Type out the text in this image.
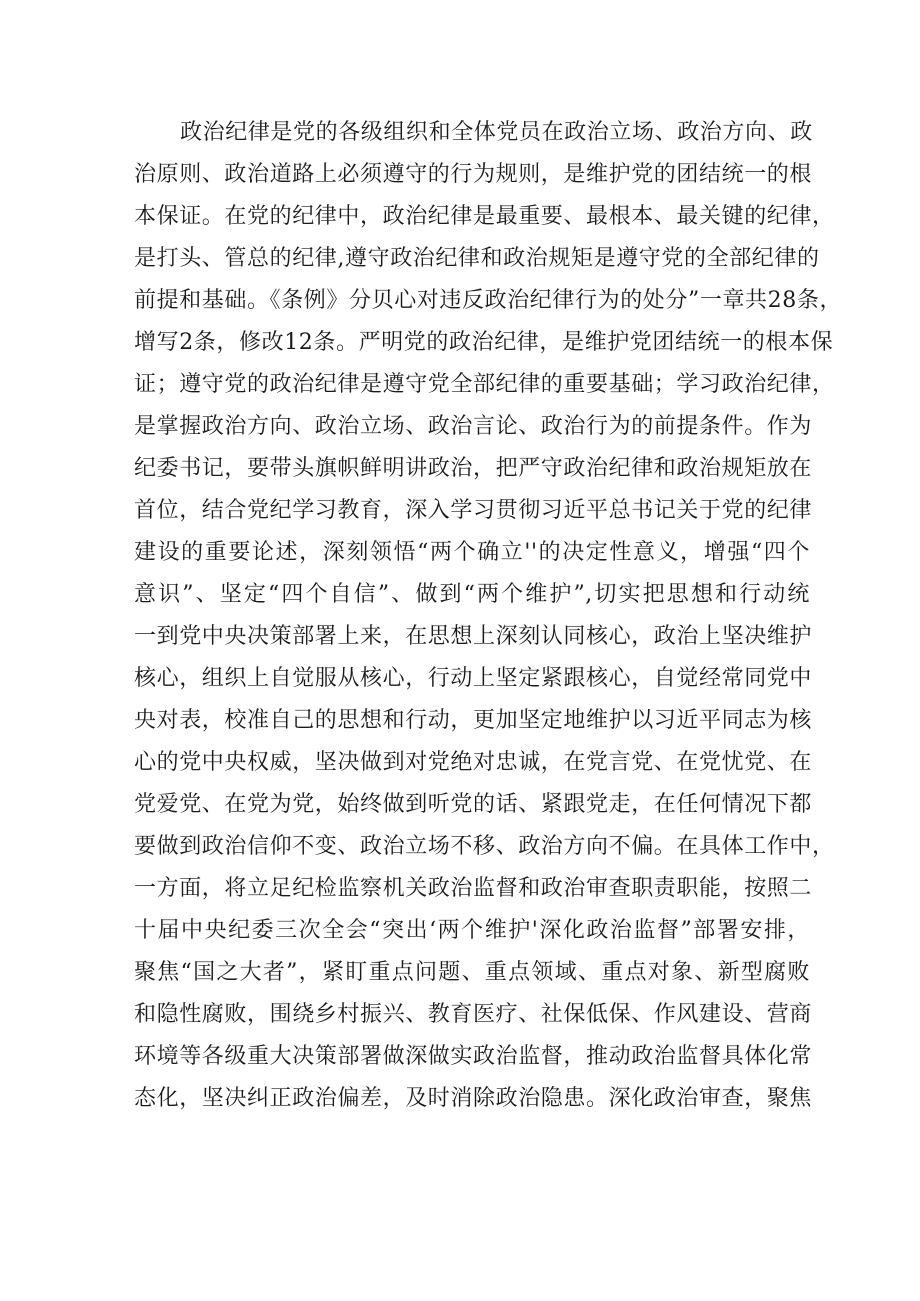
政治纪律是党的各级组织和全体党员在政治立场、政治方向、政
治原则、政治道路上必须遵守的行为规则，是维护党的团结统一的根
本保证。在党的纪律中，政治纪律是最重要、最根本、最关键的纪律，
是打头、管总的纪律,遵守政治纪律和政治规矩是遵守党的全部纪律的
前提和基础。《条例》分贝心对违反政治纪律行为的处分”一章共28条，
增写2条，修改12条。严明党的政治纪律，是维护党团结统一的根本保
证；遵守党的政治纪律是遵守党全部纪律的重要基础；学习政治纪律，
是掌握政治方向、政治立场、政治言论、政治行为的前提条件。作为
纪委书记，要带头旗帜鲜明讲政治，把严守政治纪律和政治规矩放在
首位，结合党纪学习教育，深入学习贯彻习近平总书记关于党的纪律
建设的重要论述，深刻领悟“两个确立''的决定性意义，增强“四个
意识”、坚定“四个自信”、做到“两个维护”,切实把思想和行动统
一到党中央决策部署上来，在思想上深刻认同核心，政治上坚决维护
核心，组织上自觉服从核心，行动上坚定紧跟核心，自觉经常同党中
央对表，校准自己的思想和行动，更加坚定地维护以习近平同志为核
心的党中央权威，坚决做到对党绝对忠诚，在党言党、在党忧党、在
党爱党、在党为党，始终做到听党的话、紧跟党走，在任何情况下都
要做到政治信仰不变、政治立场不移、政治方向不偏。在具体工作中，
一方面，将立足纪检监察机关政治监督和政治审查职责职能，按照二
十届中央纪委三次全会“突出‘两个维护'深化政治监督”部署安排，
聚焦“国之大者”，紧盯重点问题、重点领域、重点对象、新型腐败
和隐性腐败，围绕乡村振兴、教育医疗、社保低保、作风建设、营商
环境等各级重大决策部署做深做实政治监督，推动政治监督具体化常
态化，坚决纠正政治偏差，及时消除政治隐患。深化政治审查，聚焦
